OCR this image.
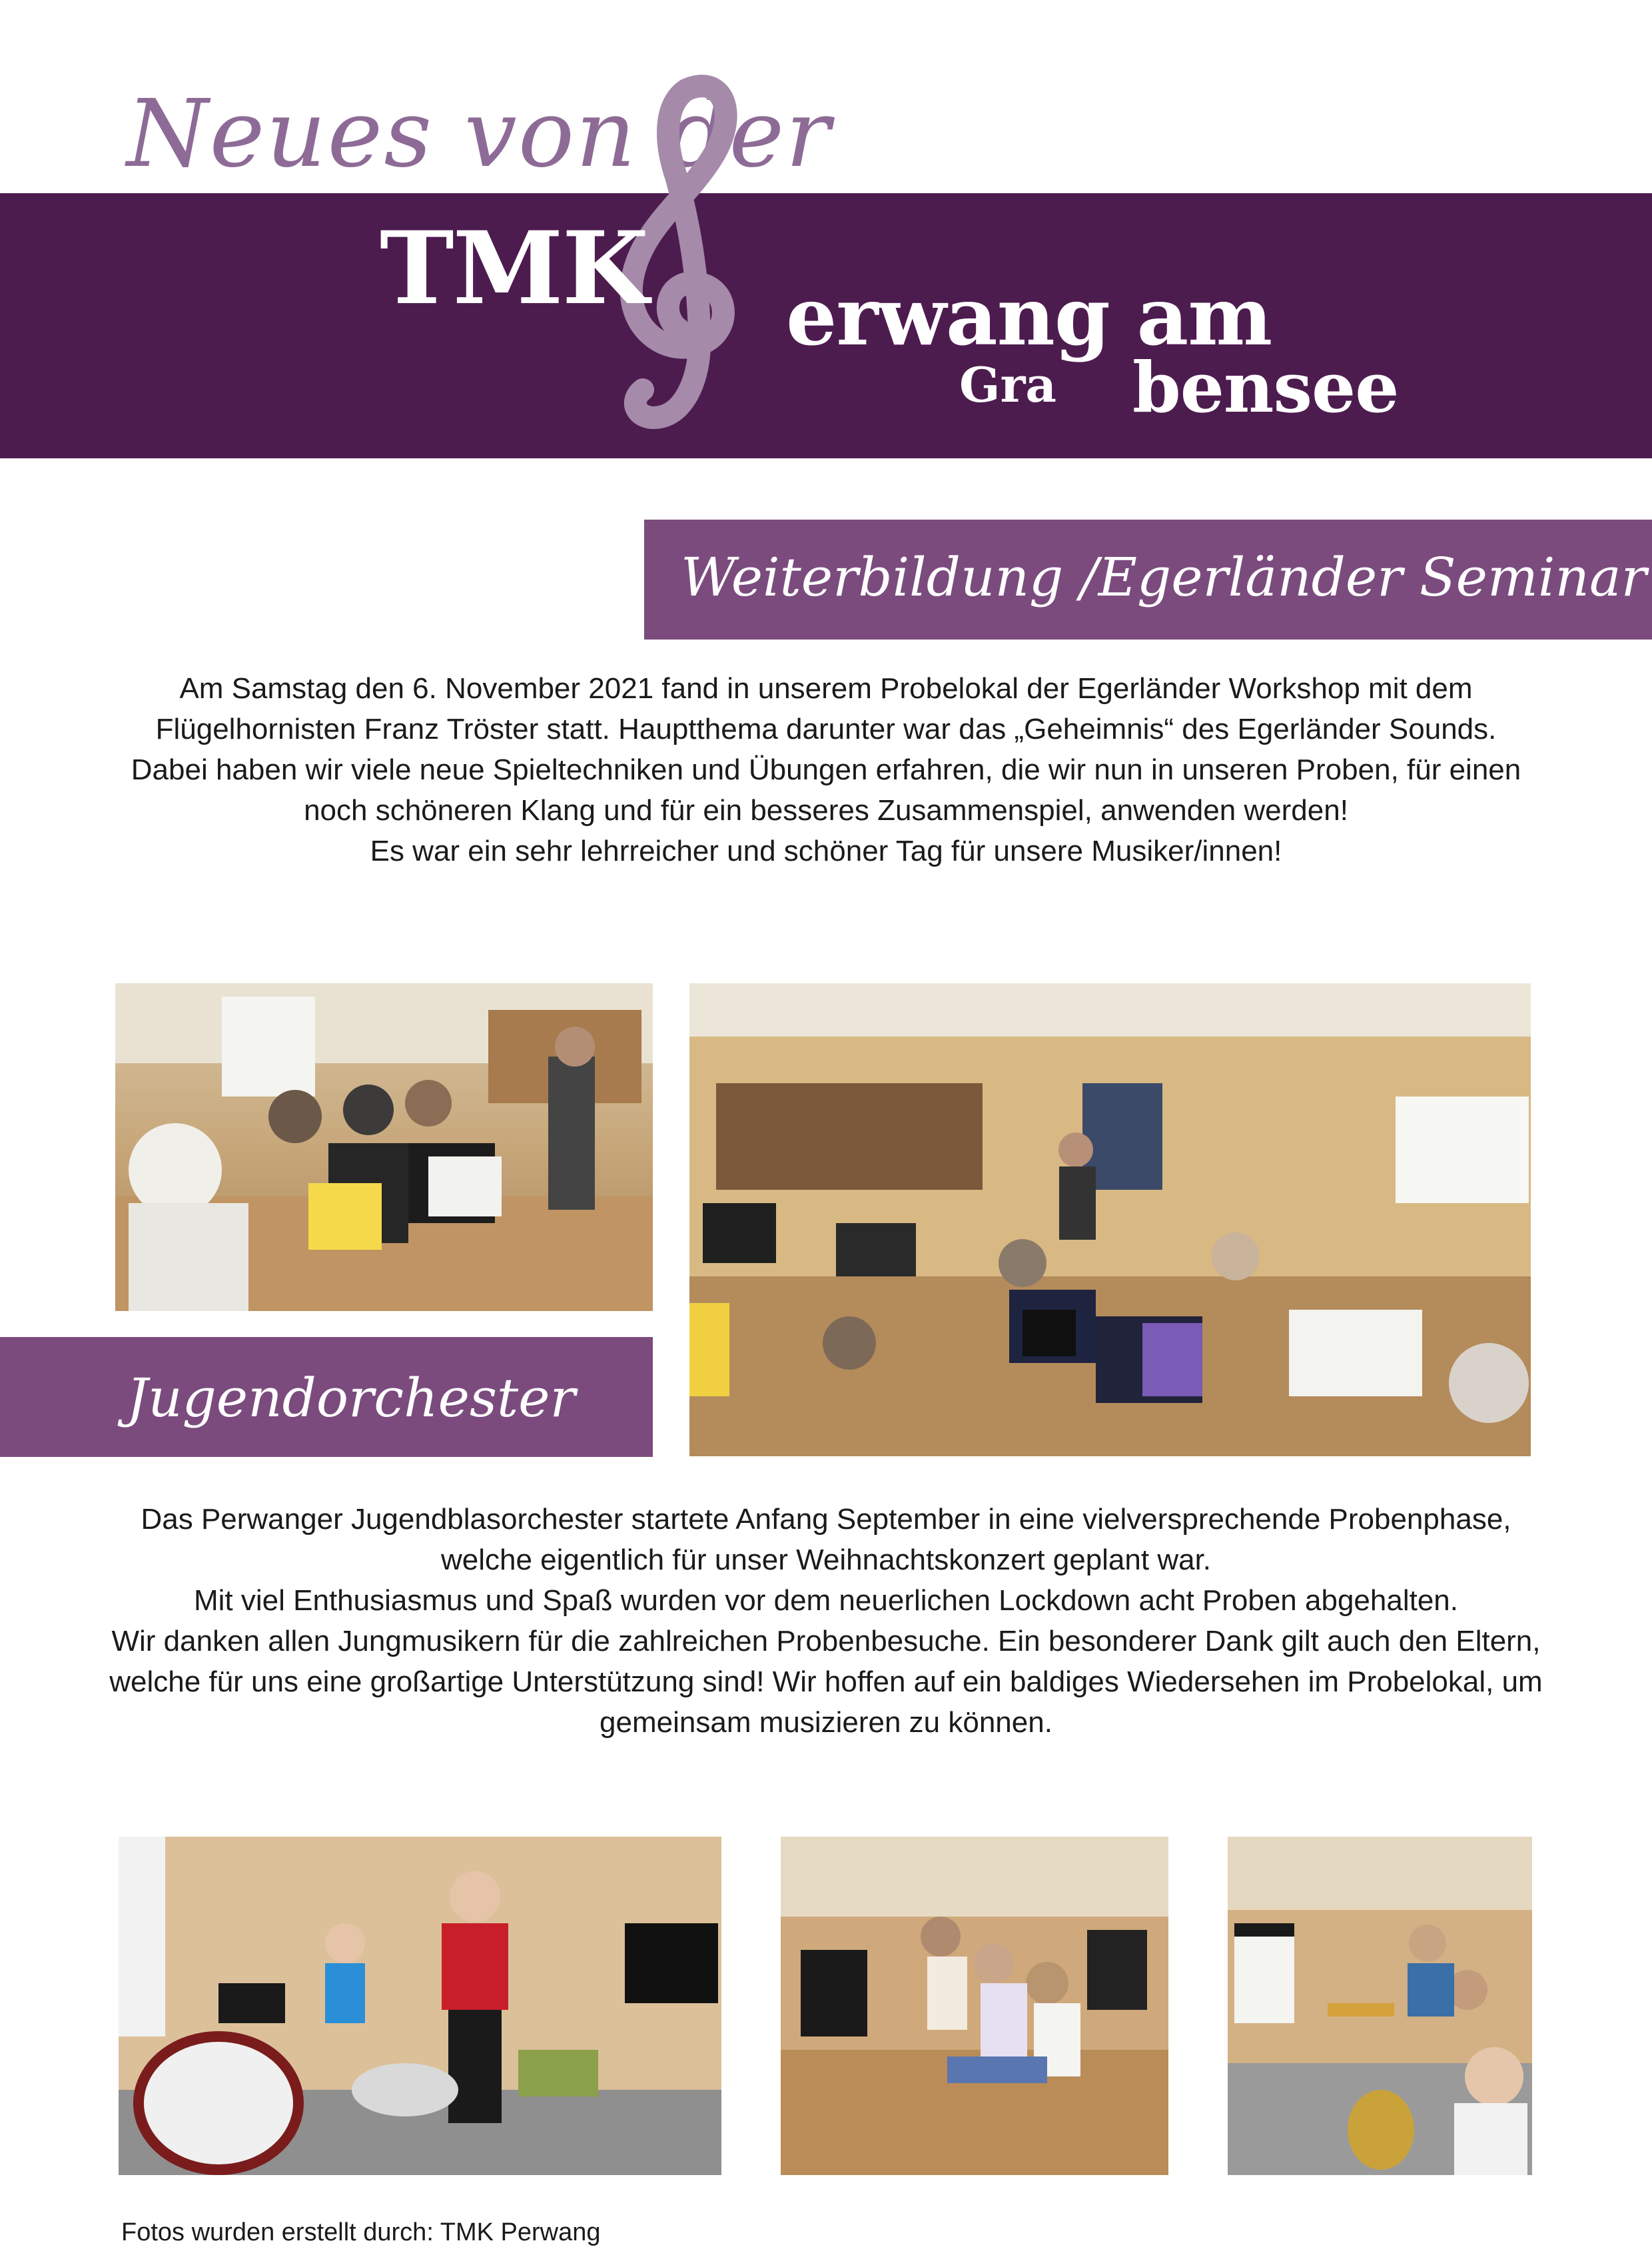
Neues von der
TMK erwang am
Gra bensee
Weiterbildung /Egerländer Seminar

Am Samstag den 6. November 2021 fand in unserem Probelokal der Egerländer Workshop mit dem Flügelhornisten Franz Tröster statt. Hauptthema darunter war das „Geheimnis“ des Egerländer Sounds.

Dabei haben wir viele neue Spieltechniken und Übungen erfahren, die wir nun in unseren Proben, für einen noch schöneren Klang und für ein besseres Zusammenspiel, anwenden werden!

Es war ein sehr lehrreicher und schöner Tag für unsere Musiker/innen!

Jugendorchester

Das Perwanger Jugendblasorchester startete Anfang September in eine vielversprechende Probenphase, welche eigentlich für unser Weihnachtskonzert geplant war.

Mit viel Enthusiasmus und Spaß wurden vor dem neuerlichen Lockdown acht Proben abgehalten.

Wir danken allen Jungmusikern für die zahlreichen Probenbesuche. Ein besonderer Dank gilt auch den Eltern, welche für uns eine großartige Unterstützung sind! Wir hoffen auf ein baldiges Wiedersehen im Probelokal, um gemeinsam musizieren zu können.

Fotos wurden erstellt durch: TMK Perwang
